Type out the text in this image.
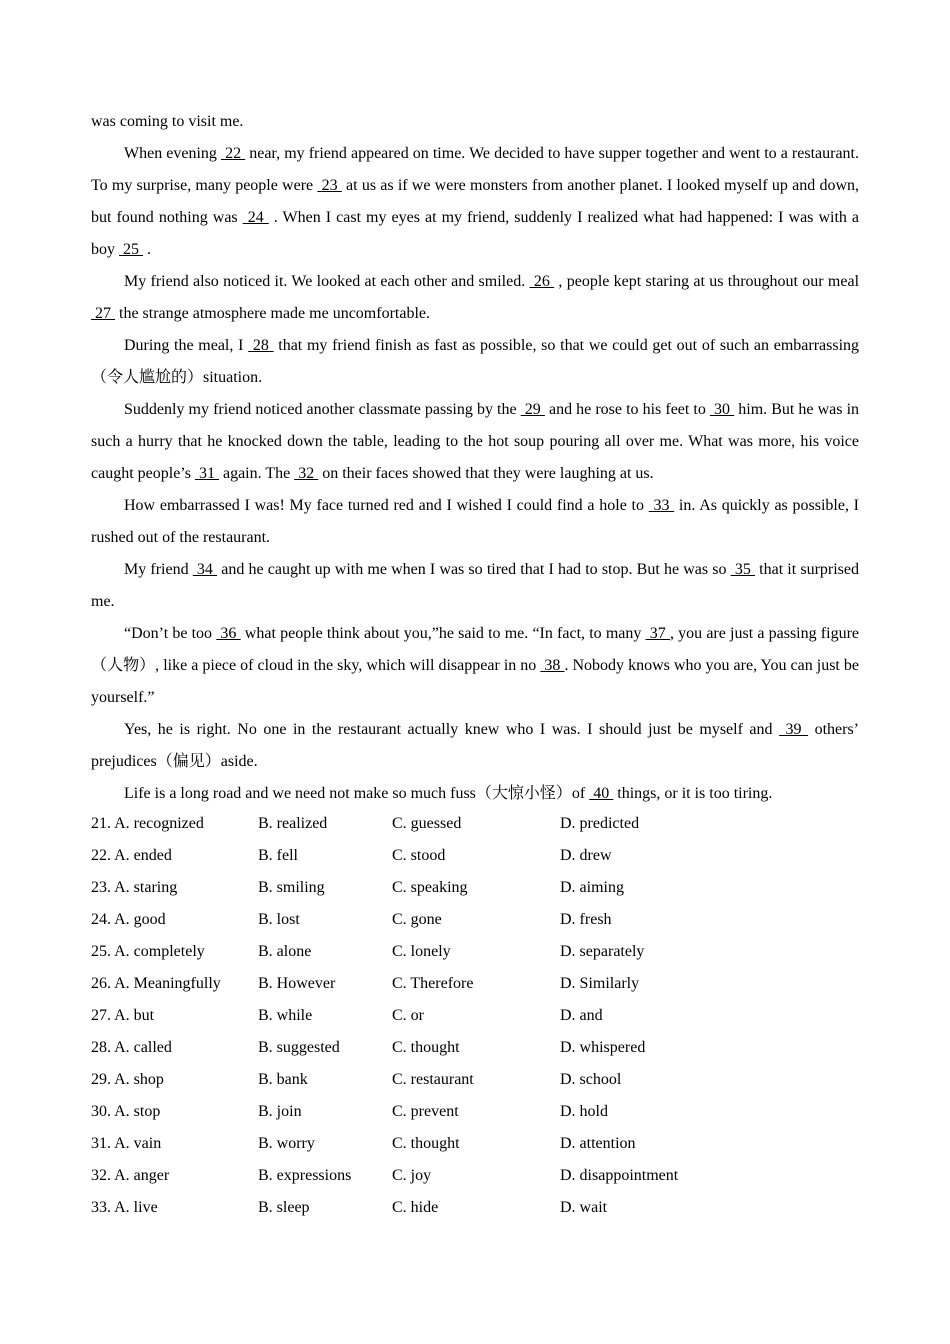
was coming to visit me.

When evening  22  near, my friend appeared on time. We decided to have supper together and went to a restaurant. To my surprise, many people were  23  at us as if we were monsters from another planet. I looked myself up and down, but found nothing was  24  . When I cast my eyes at my friend, suddenly I realized what had happened: I was with a boy  25  .

My friend also noticed it. We looked at each other and smiled.  26  , people kept staring at us throughout our meal  27  the strange atmosphere made me uncomfortable.

During the meal, I  28  that my friend finish as fast as possible, so that we could get out of such an embarrassing （令人尴尬的）situation.

Suddenly my friend noticed another classmate passing by the  29  and he rose to his feet to  30  him. But he was in such a hurry that he knocked down the table, leading to the hot soup pouring all over me. What was more, his voice caught people’s  31  again. The  32  on their faces showed that they were laughing at us.

How embarrassed I was! My face turned red and I wished I could find a hole to  33  in. As quickly as possible, I rushed out of the restaurant.

My friend  34  and he caught up with me when I was so tired that I had to stop. But he was so  35  that it surprised me.

“Don’t be too  36  what people think about you,”he said to me. “In fact, to many  37 , you are just a passing figure（人物）, like a piece of cloud in the sky, which will disappear in no  38 . Nobody knows who you are, You can just be yourself.”

Yes, he is right. No one in the restaurant actually knew who I was. I should just be myself and  39  others’ prejudices（偏见）aside.

Life is a long road and we need not make so much fuss（大惊小怪）of  40  things, or it is too tiring.

21. A. recognized	B. realized	C. guessed	D. predicted
22. A. ended	B. fell	C. stood	D. drew
23. A. staring	B. smiling	C. speaking	D. aiming
24. A. good	B. lost	C. gone	D. fresh
25. A. completely	B. alone	C. lonely	D. separately
26. A. Meaningfully B. However	C. Therefore	D. Similarly
27. A. but	B. while	C. or	D. and
28. A. called	B. suggested	C. thought	D. whispered
29. A. shop	B. bank	C. restaurant	D. school
30. A. stop	B. join	C. prevent	D. hold
31. A. vain	B. worry	C. thought	D. attention
32. A. anger	B. expressions	C. joy	D. disappointment
33. A. live	B. sleep	C. hide	D. wait
